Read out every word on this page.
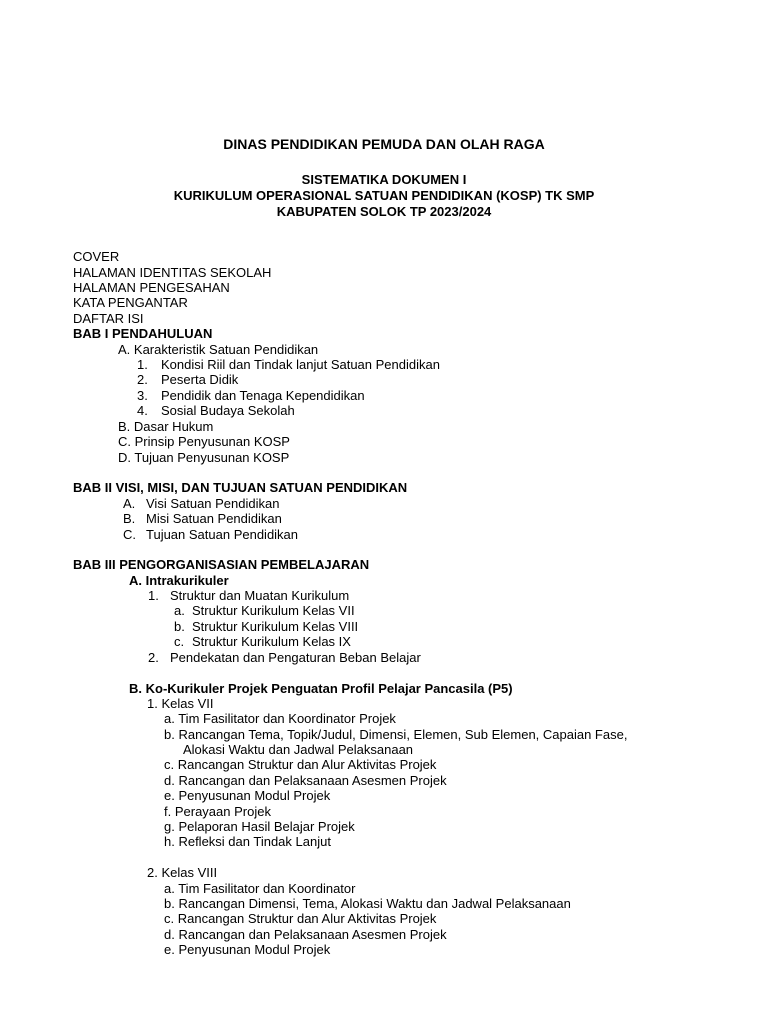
DINAS PENDIDIKAN PEMUDA DAN OLAH RAGA
SISTEMATIKA DOKUMEN I
KURIKULUM OPERASIONAL SATUAN PENDIDIKAN (KOSP) TK SMP
KABUPATEN SOLOK TP 2023/2024
COVER
HALAMAN IDENTITAS SEKOLAH
HALAMAN PENGESAHAN
KATA PENGANTAR
DAFTAR ISI
BAB I PENDAHULUAN
A. Karakteristik Satuan Pendidikan
1. Kondisi Riil dan Tindak lanjut Satuan Pendidikan
2. Peserta Didik
3. Pendidik dan Tenaga Kependidikan
4. Sosial Budaya Sekolah
B. Dasar Hukum
C. Prinsip Penyusunan KOSP
D. Tujuan Penyusunan KOSP
BAB II VISI, MISI, DAN TUJUAN SATUAN PENDIDIKAN
A. Visi Satuan Pendidikan
B. Misi Satuan Pendidikan
C. Tujuan Satuan Pendidikan
BAB III PENGORGANISASIAN PEMBELAJARAN
A. Intrakurikuler
1. Struktur dan Muatan Kurikulum
a. Struktur Kurikulum Kelas VII
b. Struktur Kurikulum Kelas VIII
c. Struktur Kurikulum Kelas IX
2. Pendekatan dan Pengaturan Beban Belajar
B. Ko-Kurikuler Projek Penguatan Profil Pelajar Pancasila (P5)
1. Kelas VII
a. Tim Fasilitator dan Koordinator Projek
b. Rancangan Tema, Topik/Judul, Dimensi, Elemen, Sub Elemen, Capaian Fase,
Alokasi Waktu dan Jadwal Pelaksanaan
c. Rancangan Struktur dan Alur Aktivitas Projek
d. Rancangan dan Pelaksanaan Asesmen Projek
e. Penyusunan Modul Projek
f. Perayaan Projek
g. Pelaporan Hasil Belajar Projek
h. Refleksi dan Tindak Lanjut
2. Kelas VIII
a. Tim Fasilitator dan Koordinator
b. Rancangan Dimensi, Tema, Alokasi Waktu dan Jadwal Pelaksanaan
c. Rancangan Struktur dan Alur Aktivitas Projek
d. Rancangan dan Pelaksanaan Asesmen Projek
e. Penyusunan Modul Projek
